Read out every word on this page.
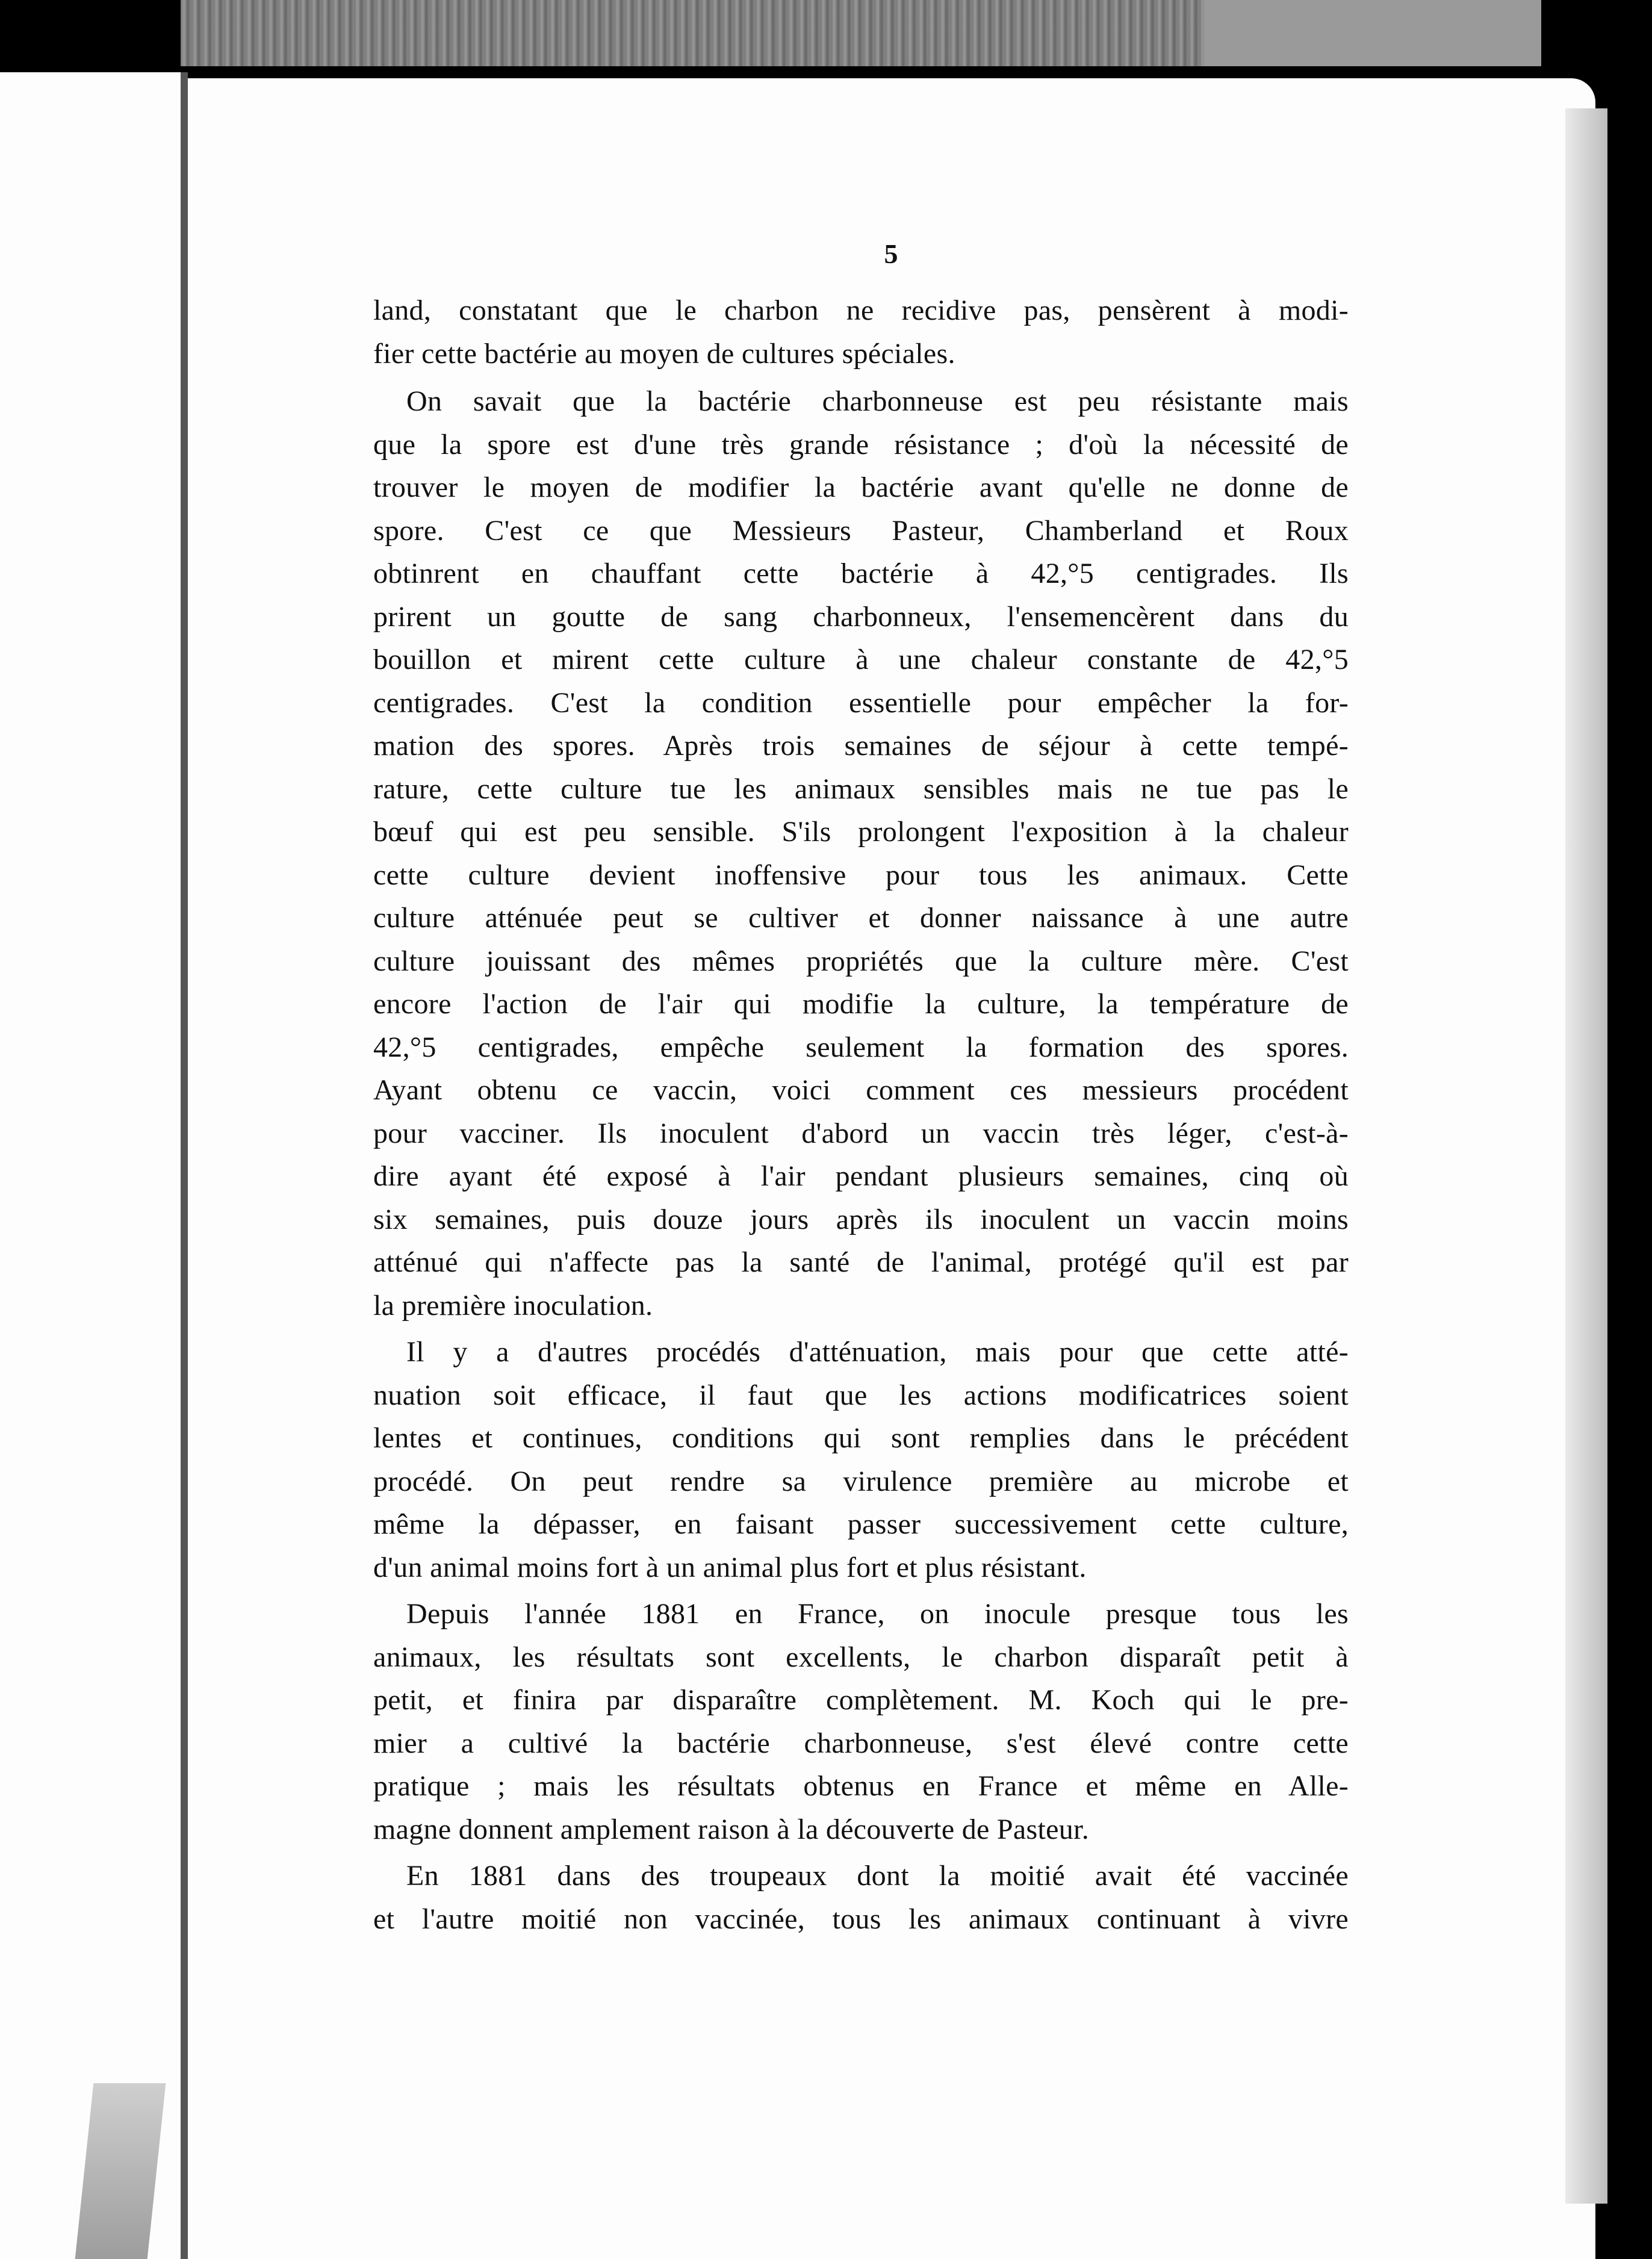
5
land, constatant que le charbon ne recidive pas, pensèrent à modi-
fier cette bactérie au moyen de cultures spéciales.
On savait que la bactérie charbonneuse est peu résistante mais
que la spore est d'une très grande résistance ; d'où la nécessité de
trouver le moyen de modifier la bactérie avant qu'elle ne donne de
spore. C'est ce que Messieurs Pasteur, Chamberland et Roux
obtinrent en chauffant cette bactérie à 42,°5 centigrades. Ils
prirent un goutte de sang charbonneux, l'ensemencèrent dans du
bouillon et mirent cette culture à une chaleur constante de 42,°5
centigrades. C'est la condition essentielle pour empêcher la for-
mation des spores. Après trois semaines de séjour à cette tempé-
rature, cette culture tue les animaux sensibles mais ne tue pas le
bœuf qui est peu sensible. S'ils prolongent l'exposition à la chaleur
cette culture devient inoffensive pour tous les animaux. Cette
culture atténuée peut se cultiver et donner naissance à une autre
culture jouissant des mêmes propriétés que la culture mère. C'est
encore l'action de l'air qui modifie la culture, la température de
42,°5 centigrades, empêche seulement la formation des spores.
Ayant obtenu ce vaccin, voici comment ces messieurs procédent
pour vacciner. Ils inoculent d'abord un vaccin très léger, c'est-à-
dire ayant été exposé à l'air pendant plusieurs semaines, cinq où
six semaines, puis douze jours après ils inoculent un vaccin moins
atténué qui n'affecte pas la santé de l'animal, protégé qu'il est par
la première inoculation.
Il y a d'autres procédés d'atténuation, mais pour que cette atté-
nuation soit efficace, il faut que les actions modificatrices soient
lentes et continues, conditions qui sont remplies dans le précédent
procédé. On peut rendre sa virulence première au microbe et
même la dépasser, en faisant passer successivement cette culture,
d'un animal moins fort à un animal plus fort et plus résistant.
Depuis l'année 1881 en France, on inocule presque tous les
animaux, les résultats sont excellents, le charbon disparaît petit à
petit, et finira par disparaître complètement. M. Koch qui le pre-
mier a cultivé la bactérie charbonneuse, s'est élevé contre cette
pratique ; mais les résultats obtenus en France et même en Alle-
magne donnent amplement raison à la découverte de Pasteur.
En 1881 dans des troupeaux dont la moitié avait été vaccinée
et l'autre moitié non vaccinée, tous les animaux continuant à vivre
